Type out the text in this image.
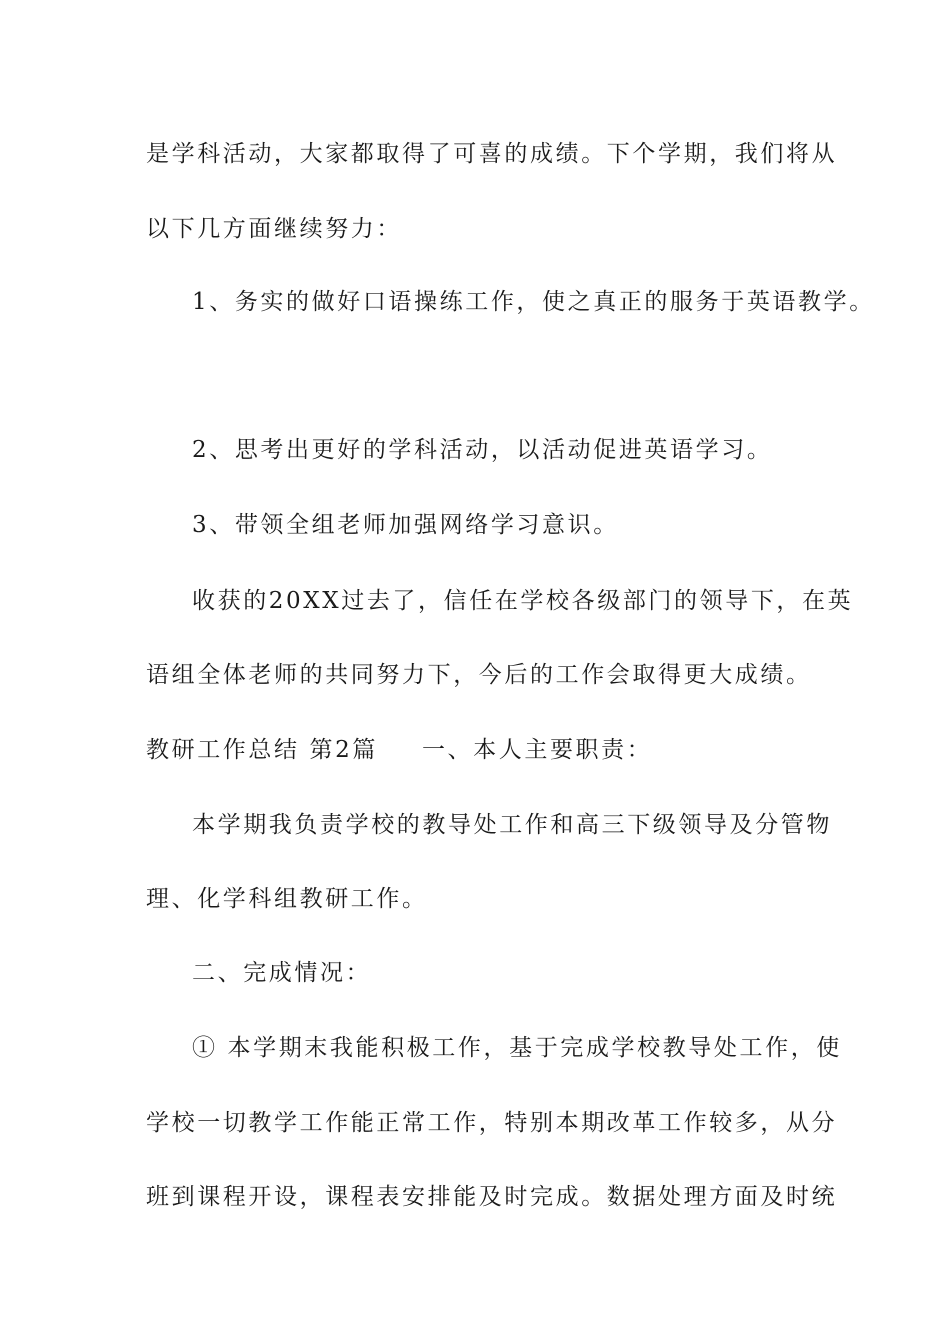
是学科活动，大家都取得了可喜的成绩。下个学期，我们将从
以下几方面继续努力：
1、务实的做好口语操练工作，使之真正的服务于英语教学。
2、思考出更好的学科活动，以活动促进英语学习。
3、带领全组老师加强网络学习意识。
收获的20XX过去了，信任在学校各级部门的领导下，在英
语组全体老师的共同努力下，今后的工作会取得更大成绩。
教研工作总结 第2篇 一、本人主要职责：
本学期我负责学校的教导处工作和高三下级领导及分管物
理、化学科组教研工作。
二、完成情况：
① 本学期末我能积极工作，基于完成学校教导处工作，使
学校一切教学工作能正常工作，特别本期改革工作较多，从分
班到课程开设，课程表安排能及时完成。数据处理方面及时统
